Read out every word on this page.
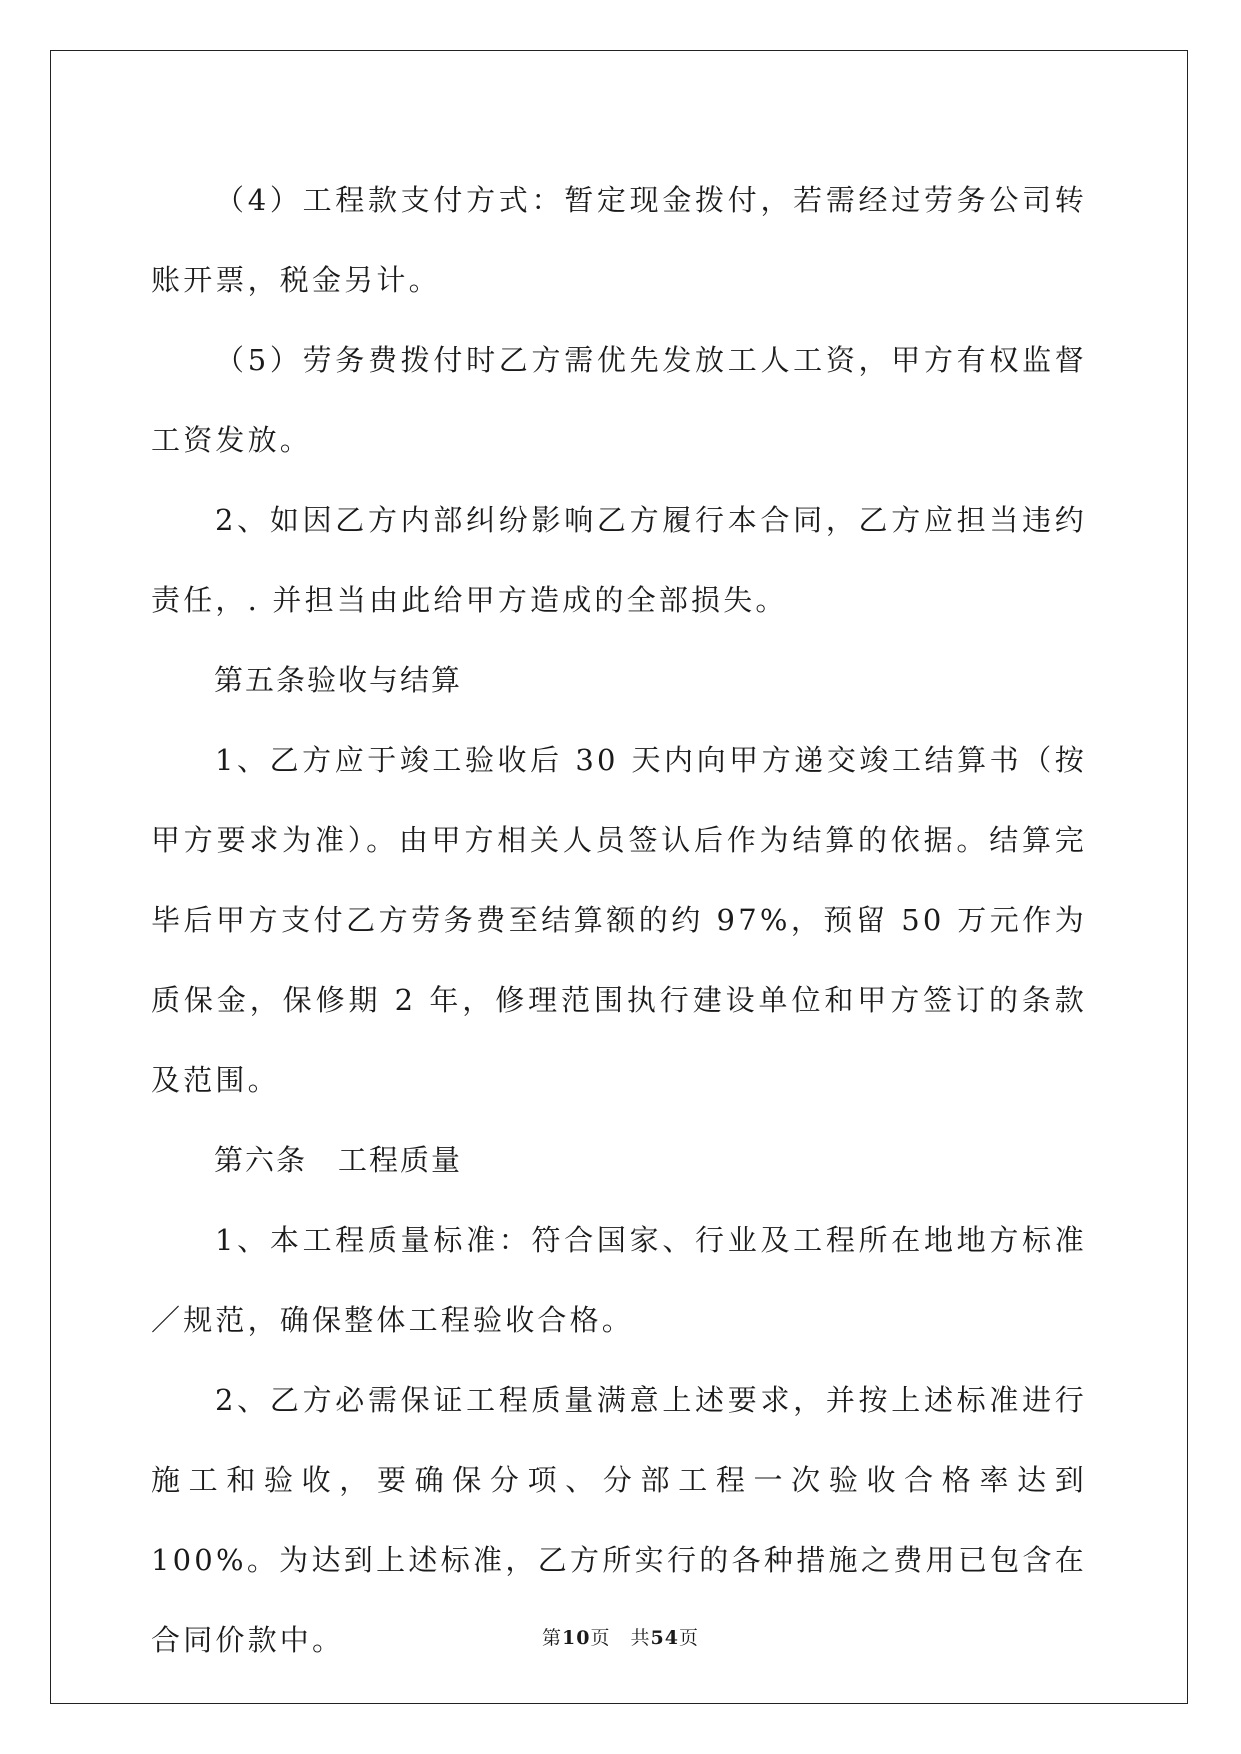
（4）工程款支付方式：暂定现金拨付，若需经过劳务公司转账开票，税金另计。

（5）劳务费拨付时乙方需优先发放工人工资，甲方有权监督工资发放。

2、如因乙方内部纠纷影响乙方履行本合同，乙方应担当违约责任，. 并担当由此给甲方造成的全部损失。

第五条验收与结算

1、乙方应于竣工验收后 30 天内向甲方递交竣工结算书（按甲方要求为准）。由甲方相关人员签认后作为结算的依据。结算完毕后甲方支付乙方劳务费至结算额的约 97%，预留 50 万元作为质保金，保修期 2 年，修理范围执行建设单位和甲方签订的条款及范围。

第六条　工程质量

1、本工程质量标准：符合国家、行业及工程所在地地方标准／规范，确保整体工程验收合格。

2、乙方必需保证工程质量满意上述要求，并按上述标准进行施工和验收，要确保分项、分部工程一次验收合格率达到 100%。为达到上述标准，乙方所实行的各种措施之费用已包含在合同价款中。	第10页　共54页
